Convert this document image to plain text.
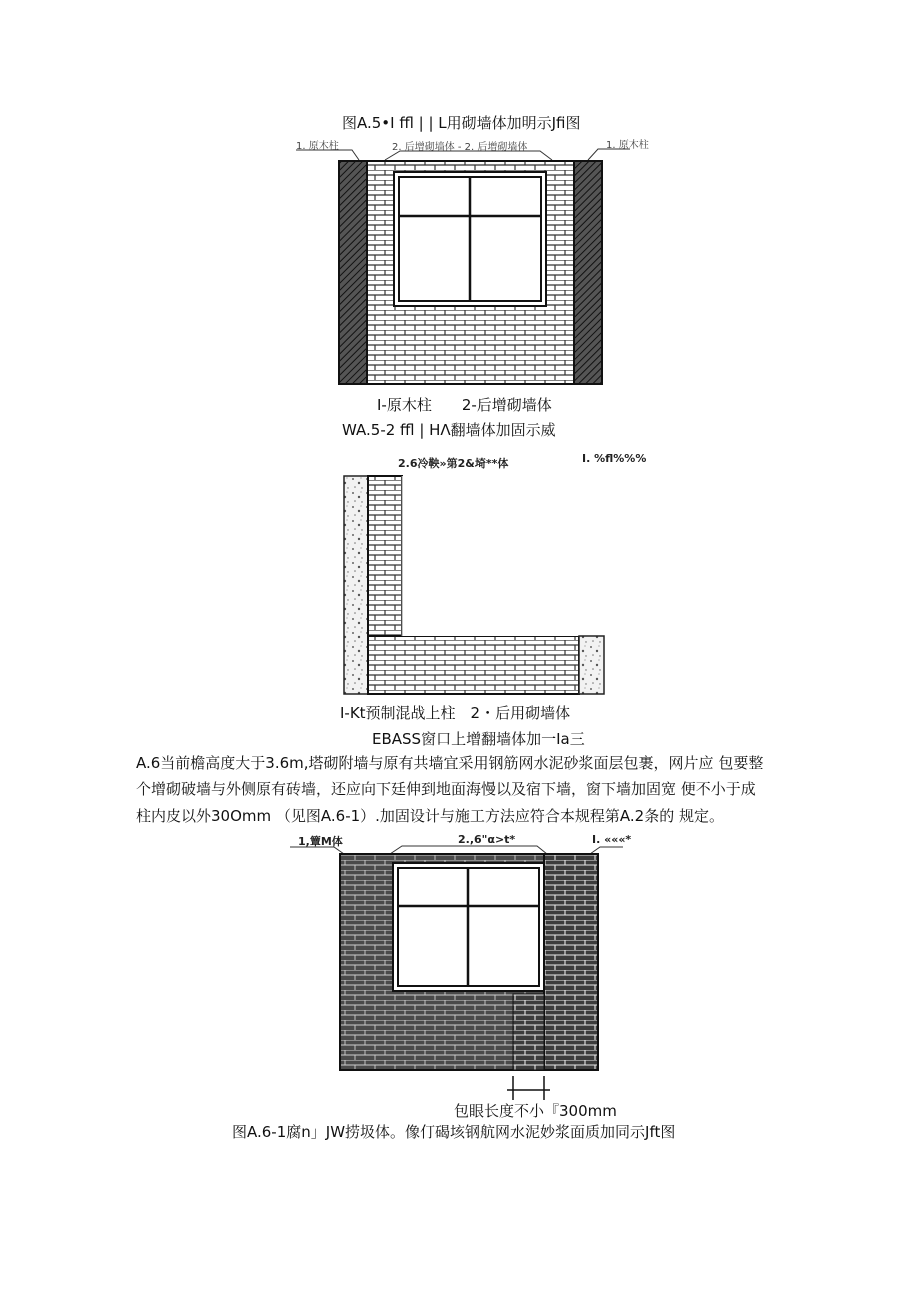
图A.5•I ffl | | L用砌墙体加明示Jfi图
1. 原木柱	2. 后增砌墙体 - 2. 后增砌墙体	1. 原木柱
I-原木柱　　2-后增砌墙体
WA.5-2 ffl | HΛ翻墙体加固示威
2.6冷鞅»第2&埼**体	I. %fl%%%
I-Kt预制混战上柱　2・后用砌墙体
EBASS窗口上增翻墙体加一Ia三
A.6当前檐高度大于3.6m,塔砌附墙与原有共墙宜采用钢筋网水泥砂浆面层包裹，网片应 包要整
个增砌破墙与外侧原有砖墙，还应向下廷伸到地面海慢以及宿下墙，窗下墙加固宽 便不小于成
柱内皮以外30Omm （见图A.6-1）.加固设计与施工方法应符合本规程第A.2条的 规定。
1,簟M体	2.,6"α>t*	I. «««*
包眼长度不小『300mm
图A.6-1腐n」JW捞圾体。像仃碣垓钢航网水泥妙浆面质加同示Jft图
